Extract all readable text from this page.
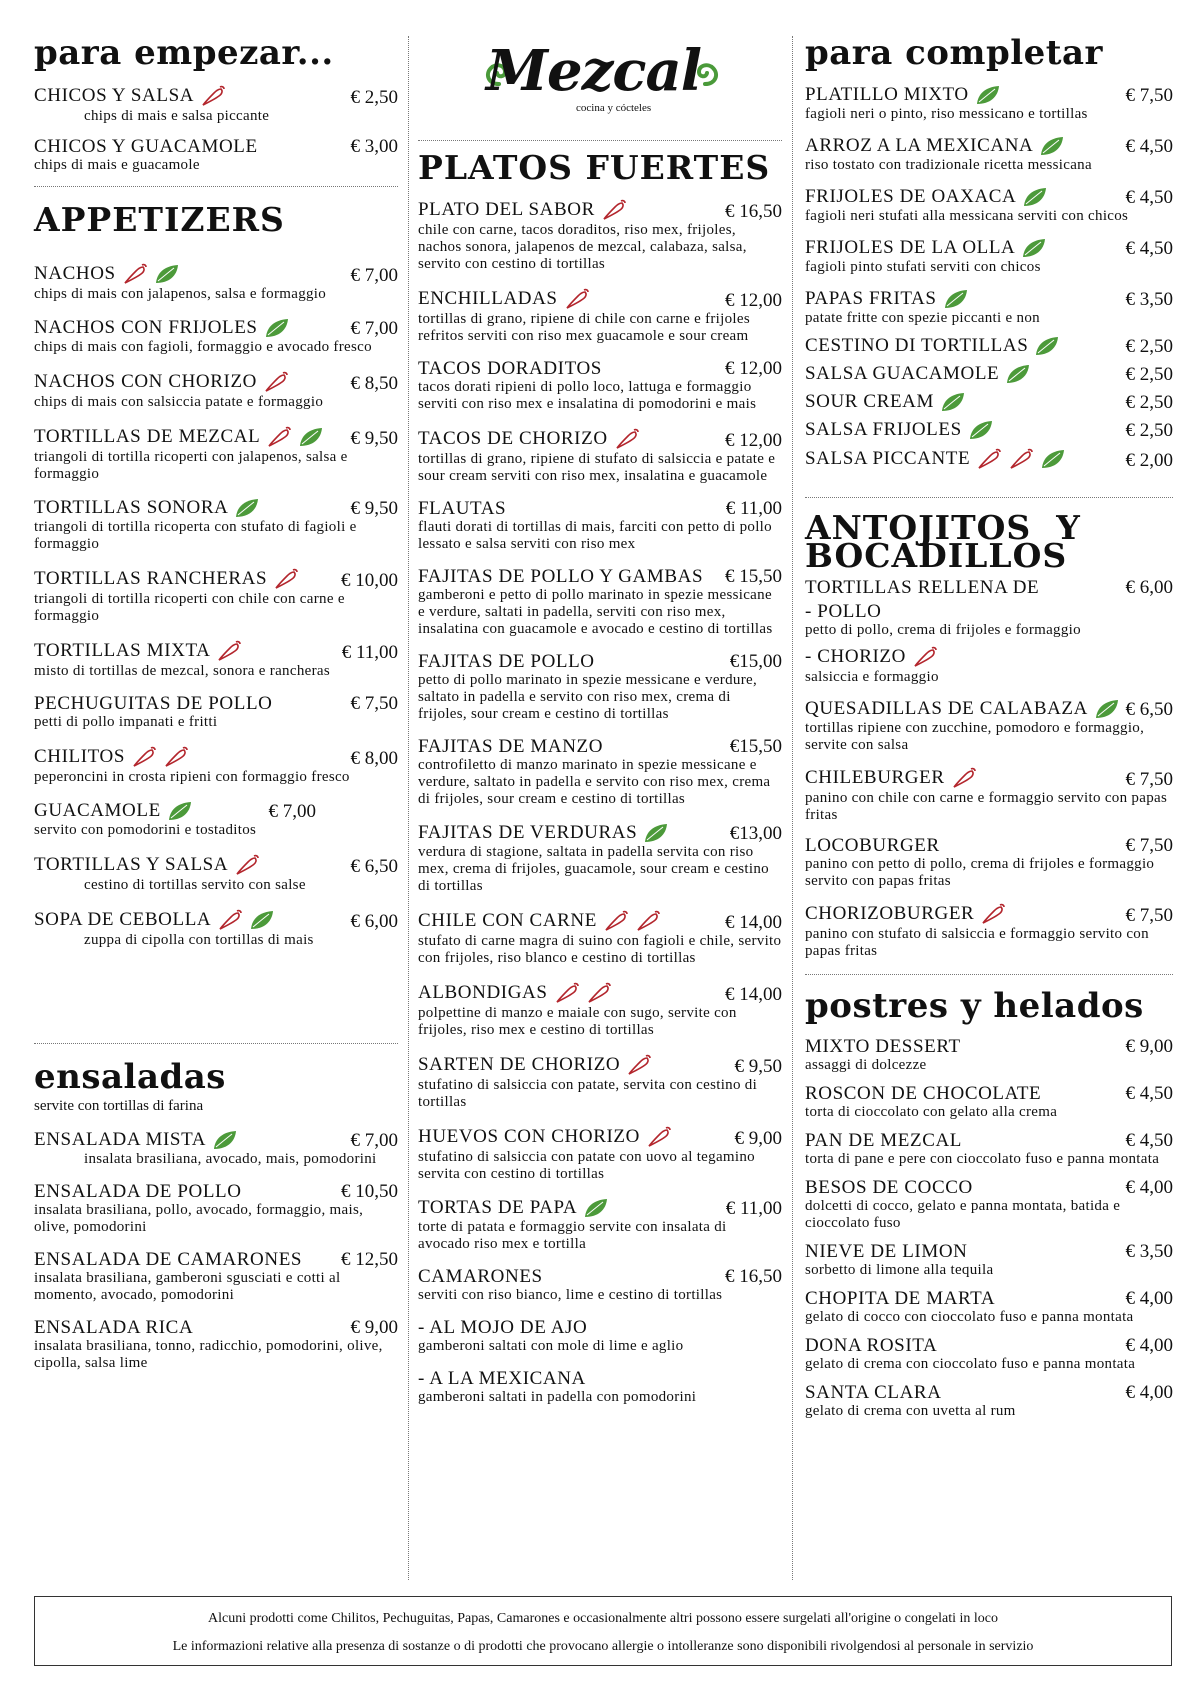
para empezar...
CHICOS Y SALSA	€ 2,50
chips di mais e salsa piccante
CHICOS Y GUACAMOLE	€ 3,00
chips di mais e guacamole
APPETIZERS
NACHOS	€ 7,00
chips di mais con jalapenos, salsa e formaggio
NACHOS CON FRIJOLES	€ 7,00
chips di mais con fagioli, formaggio e avocado fresco
NACHOS CON CHORIZO	€ 8,50
chips di mais con salsiccia patate e formaggio
TORTILLAS DE MEZCAL	€ 9,50
triangoli di tortilla ricoperti con jalapenos, salsa e formaggio
TORTILLAS SONORA	€ 9,50
triangoli di tortilla ricoperta con stufato di fagioli e formaggio
TORTILLAS RANCHERAS	€ 10,00
triangoli di tortilla ricoperti con chile con carne e formaggio
TORTILLAS MIXTA	€ 11,00
misto di tortillas de mezcal, sonora e rancheras
PECHUGUITAS DE POLLO	€ 7,50
petti di pollo impanati e fritti
CHILITOS	€ 8,00
peperoncini in crosta ripieni con formaggio fresco
GUACAMOLE	€ 7,00
servito con pomodorini e tostaditos
TORTILLAS Y SALSA	€ 6,50
cestino di tortillas servito con salse
SOPA DE CEBOLLA	€ 6,00
zuppa di cipolla con tortillas di mais
ensaladas
servite con tortillas di farina
ENSALADA MISTA	€ 7,00
insalata brasiliana, avocado, mais, pomodorini
ENSALADA DE POLLO	€ 10,50
insalata brasiliana, pollo, avocado, formaggio, mais, olive, pomodorini
ENSALADA DE CAMARONES € 12,50
insalata brasiliana, gamberoni sgusciati e cotti al momento, avocado, pomodorini
ENSALADA RICA	€ 9,00
insalata brasiliana, tonno, radicchio, pomodorini, olive, cipolla, salsa lime
Mezcal
cocina y cócteles
PLATOS FUERTES
PLATO DEL SABOR	€ 16,50
chile con carne, tacos doraditos, riso mex, frijoles, nachos sonora, jalapenos de mezcal, calabaza, salsa, servito con cestino di tortillas
ENCHILLADAS	€ 12,00
tortillas di grano, ripiene di chile con carne e frijoles refritos serviti con riso mex guacamole e sour cream
TACOS DORADITOS	€ 12,00
tacos dorati ripieni di pollo loco, lattuga e formaggio serviti con riso mex e insalatina di pomodorini e mais
TACOS DE CHORIZO	€ 12,00
tortillas di grano, ripiene di stufato di salsiccia e patate e sour cream serviti con riso mex, insalatina e guacamole
FLAUTAS	€ 11,00
flauti dorati di tortillas di mais, farciti con petto di pollo lessato e salsa serviti con riso mex
FAJITAS DE POLLO Y GAMBAS € 15,50
gamberoni e petto di pollo marinato in spezie messicane e verdure, saltati in padella, serviti con riso mex, insalatina con guacamole e avocado e cestino di tortillas
FAJITAS DE POLLO	€15,00
petto di pollo marinato in spezie messicane e verdure, saltato in padella e servito con riso mex, crema di frijoles, sour cream e cestino di tortillas
FAJITAS DE MANZO	€15,50
controfiletto di manzo marinato in spezie messicane e verdure, saltato in padella e servito con riso mex, crema di frijoles, sour cream e cestino di tortillas
FAJITAS DE VERDURAS	€13,00
verdura di stagione, saltata in padella servita con riso mex, crema di frijoles, guacamole, sour cream e cestino di tortillas
CHILE CON CARNE	€ 14,00
stufato di carne magra di suino con fagioli e chile, servito con frijoles, riso blanco e cestino di tortillas
ALBONDIGAS	€ 14,00
polpettine di manzo e maiale con sugo, servite con frijoles, riso mex e cestino di tortillas
SARTEN DE CHORIZO	€ 9,50
stufatino di salsiccia con patate, servita con cestino di tortillas
HUEVOS CON CHORIZO	€ 9,00
stufatino di salsiccia con patate con uovo al tegamino servita con cestino di tortillas
TORTAS DE PAPA	€ 11,00
torte di patata e formaggio servite con insalata di avocado riso mex e tortilla
CAMARONES	€ 16,50
serviti con riso bianco, lime e cestino di tortillas
- AL MOJO DE AJO
gamberoni saltati con mole di lime e aglio
- A LA MEXICANA
gamberoni saltati in padella con pomodorini
para completar
PLATILLO MIXTO	€ 7,50
fagioli neri o pinto, riso messicano e tortillas
ARROZ A LA MEXICANA	€ 4,50
riso tostato con tradizionale ricetta messicana
FRIJOLES DE OAXACA	€ 4,50
fagioli neri stufati alla messicana serviti con chicos
FRIJOLES DE LA OLLA	€ 4,50
fagioli pinto stufati serviti con chicos
PAPAS FRITAS	€ 3,50
patate fritte con spezie piccanti e non
CESTINO DI TORTILLAS	€ 2,50
SALSA GUACAMOLE	€ 2,50
SOUR CREAM	€ 2,50
SALSA FRIJOLES	€ 2,50
SALSA PICCANTE	€ 2,00
ANTOJITOS  Y
BOCADILLOS
TORTILLAS RELLENA DE	€ 6,00
- POLLO
petto di pollo, crema di frijoles e formaggio
- CHORIZO
salsiccia e formaggio
QUESADILLAS DE CALABAZA € 6,50
tortillas ripiene con zucchine, pomodoro e formaggio, servite con salsa
CHILEBURGER	€ 7,50
panino con chile con carne e formaggio servito con papas fritas
LOCOBURGER	€ 7,50
panino con petto di pollo, crema di frijoles e formaggio servito con papas fritas
CHORIZOBURGER	€ 7,50
panino con stufato di salsiccia e formaggio servito con papas fritas
postres y helados
MIXTO DESSERT	€ 9,00
assaggi di dolcezze
ROSCON DE CHOCOLATE	€ 4,50
torta di cioccolato con gelato alla crema
PAN DE MEZCAL	€ 4,50
torta di pane e pere con cioccolato fuso e panna montata
BESOS DE COCCO	€ 4,00
dolcetti di cocco, gelato e panna montata, batida e cioccolato fuso
NIEVE DE LIMON	€ 3,50
sorbetto di limone alla tequila
CHOPITA DE MARTA	€ 4,00
gelato di cocco con cioccolato fuso e panna montata
DONA ROSITA	€ 4,00
gelato di crema con cioccolato fuso e panna montata
SANTA CLARA	€ 4,00
gelato di crema con uvetta al rum

Alcuni prodotti come Chilitos, Pechuguitas, Papas, Camarones e occasionalmente altri possono essere surgelati all'origine o congelati in loco

Le informazioni relative alla presenza di sostanze o di prodotti che provocano allergie o intolleranze sono disponibili rivolgendosi al personale in servizio
